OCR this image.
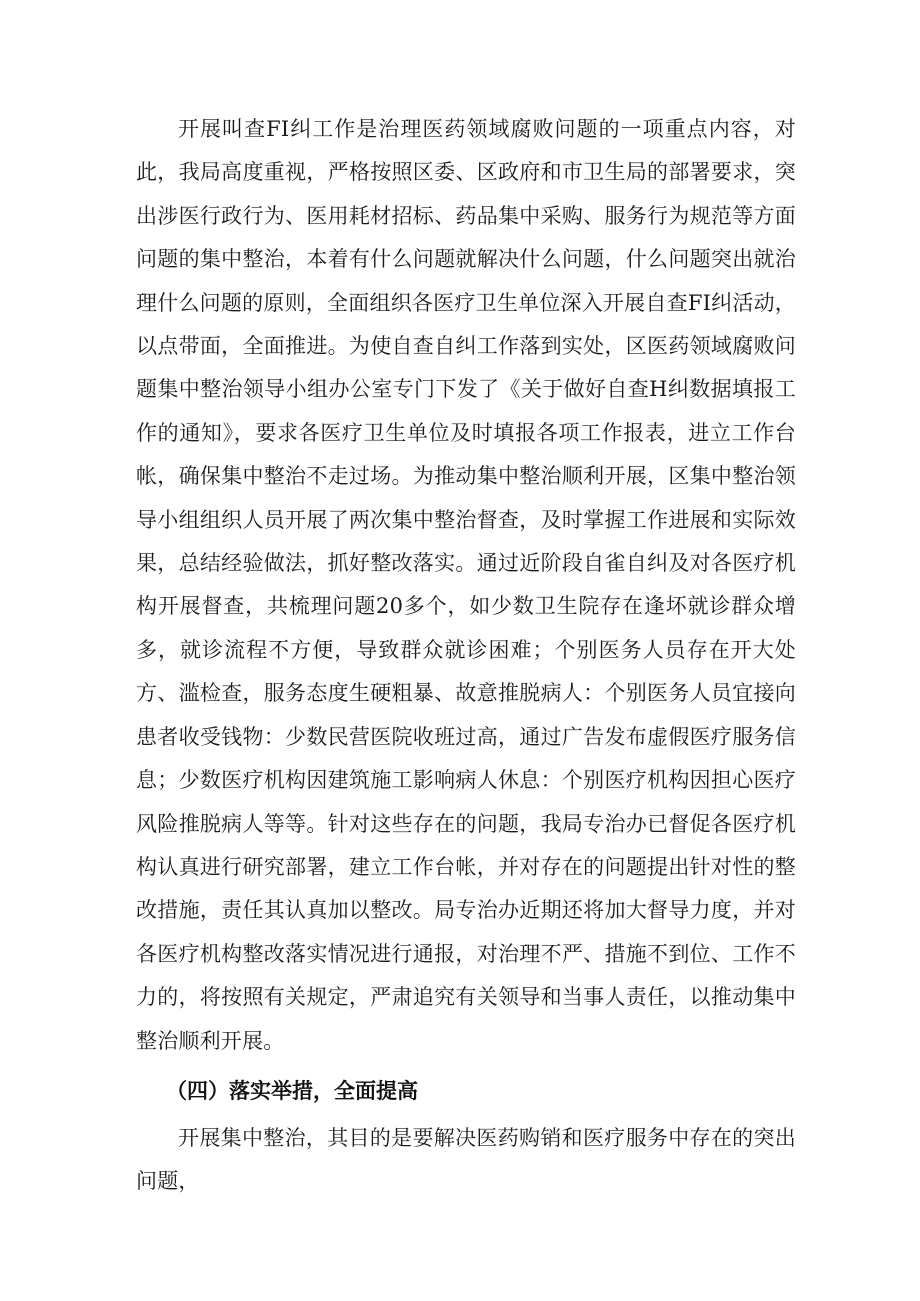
开展叫查FI纠工作是治理医药领域腐败问题的一项重点内容，对此，我局高度重视，严格按照区委、区政府和市卫生局的部署要求，突出涉医行政行为、医用耗材招标、药品集中采购、服务行为规范等方面问题的集中整治，本着有什么问题就解决什么问题，什么问题突出就治理什么问题的原则，全面组织各医疗卫生单位深入开展自查FI纠活动，以点带面，全面推进。为使自查自纠工作落到实处，区医药领域腐败问题集中整治领导小组办公室专门下发了《关于做好自查H纠数据填报工作的通知》，要求各医疗卫生单位及时填报各项工作报表，进立工作台帐，确保集中整治不走过场。为推动集中整治顺利开展，区集中整治领导小组组织人员开展了两次集中整治督查，及时掌握工作进展和实际效果，总结经验做法，抓好整改落实。通过近阶段自雀自纠及对各医疗机构开展督查，共梳理问题20多个，如少数卫生院存在逢坏就诊群众增多，就诊流程不方便，导致群众就诊困难；个别医务人员存在开大处方、滥检查，服务态度生硬粗暴、故意推脱病人：个别医务人员宜接向患者收受钱物：少数民营医院收班过高，通过广告发布虚假医疗服务信息；少数医疗机构因建筑施工影响病人休息：个别医疗机构因担心医疗风险推脱病人等等。针对这些存在的问题，我局专治办已督促各医疗机构认真进行研究部署，建立工作台帐，并对存在的问题提出针对性的整改措施，责任其认真加以整改。局专治办近期还将加大督导力度，并对各医疗机构整改落实情况进行通报，对治理不严、措施不到位、工作不力的，将按照有关规定，严肃追究有关领导和当事人责任，以推动集中整治顺利开展。

（四）落实举措，全面提高

开展集中整治，其目的是要解决医药购销和医疗服务中存在的突出问题，
